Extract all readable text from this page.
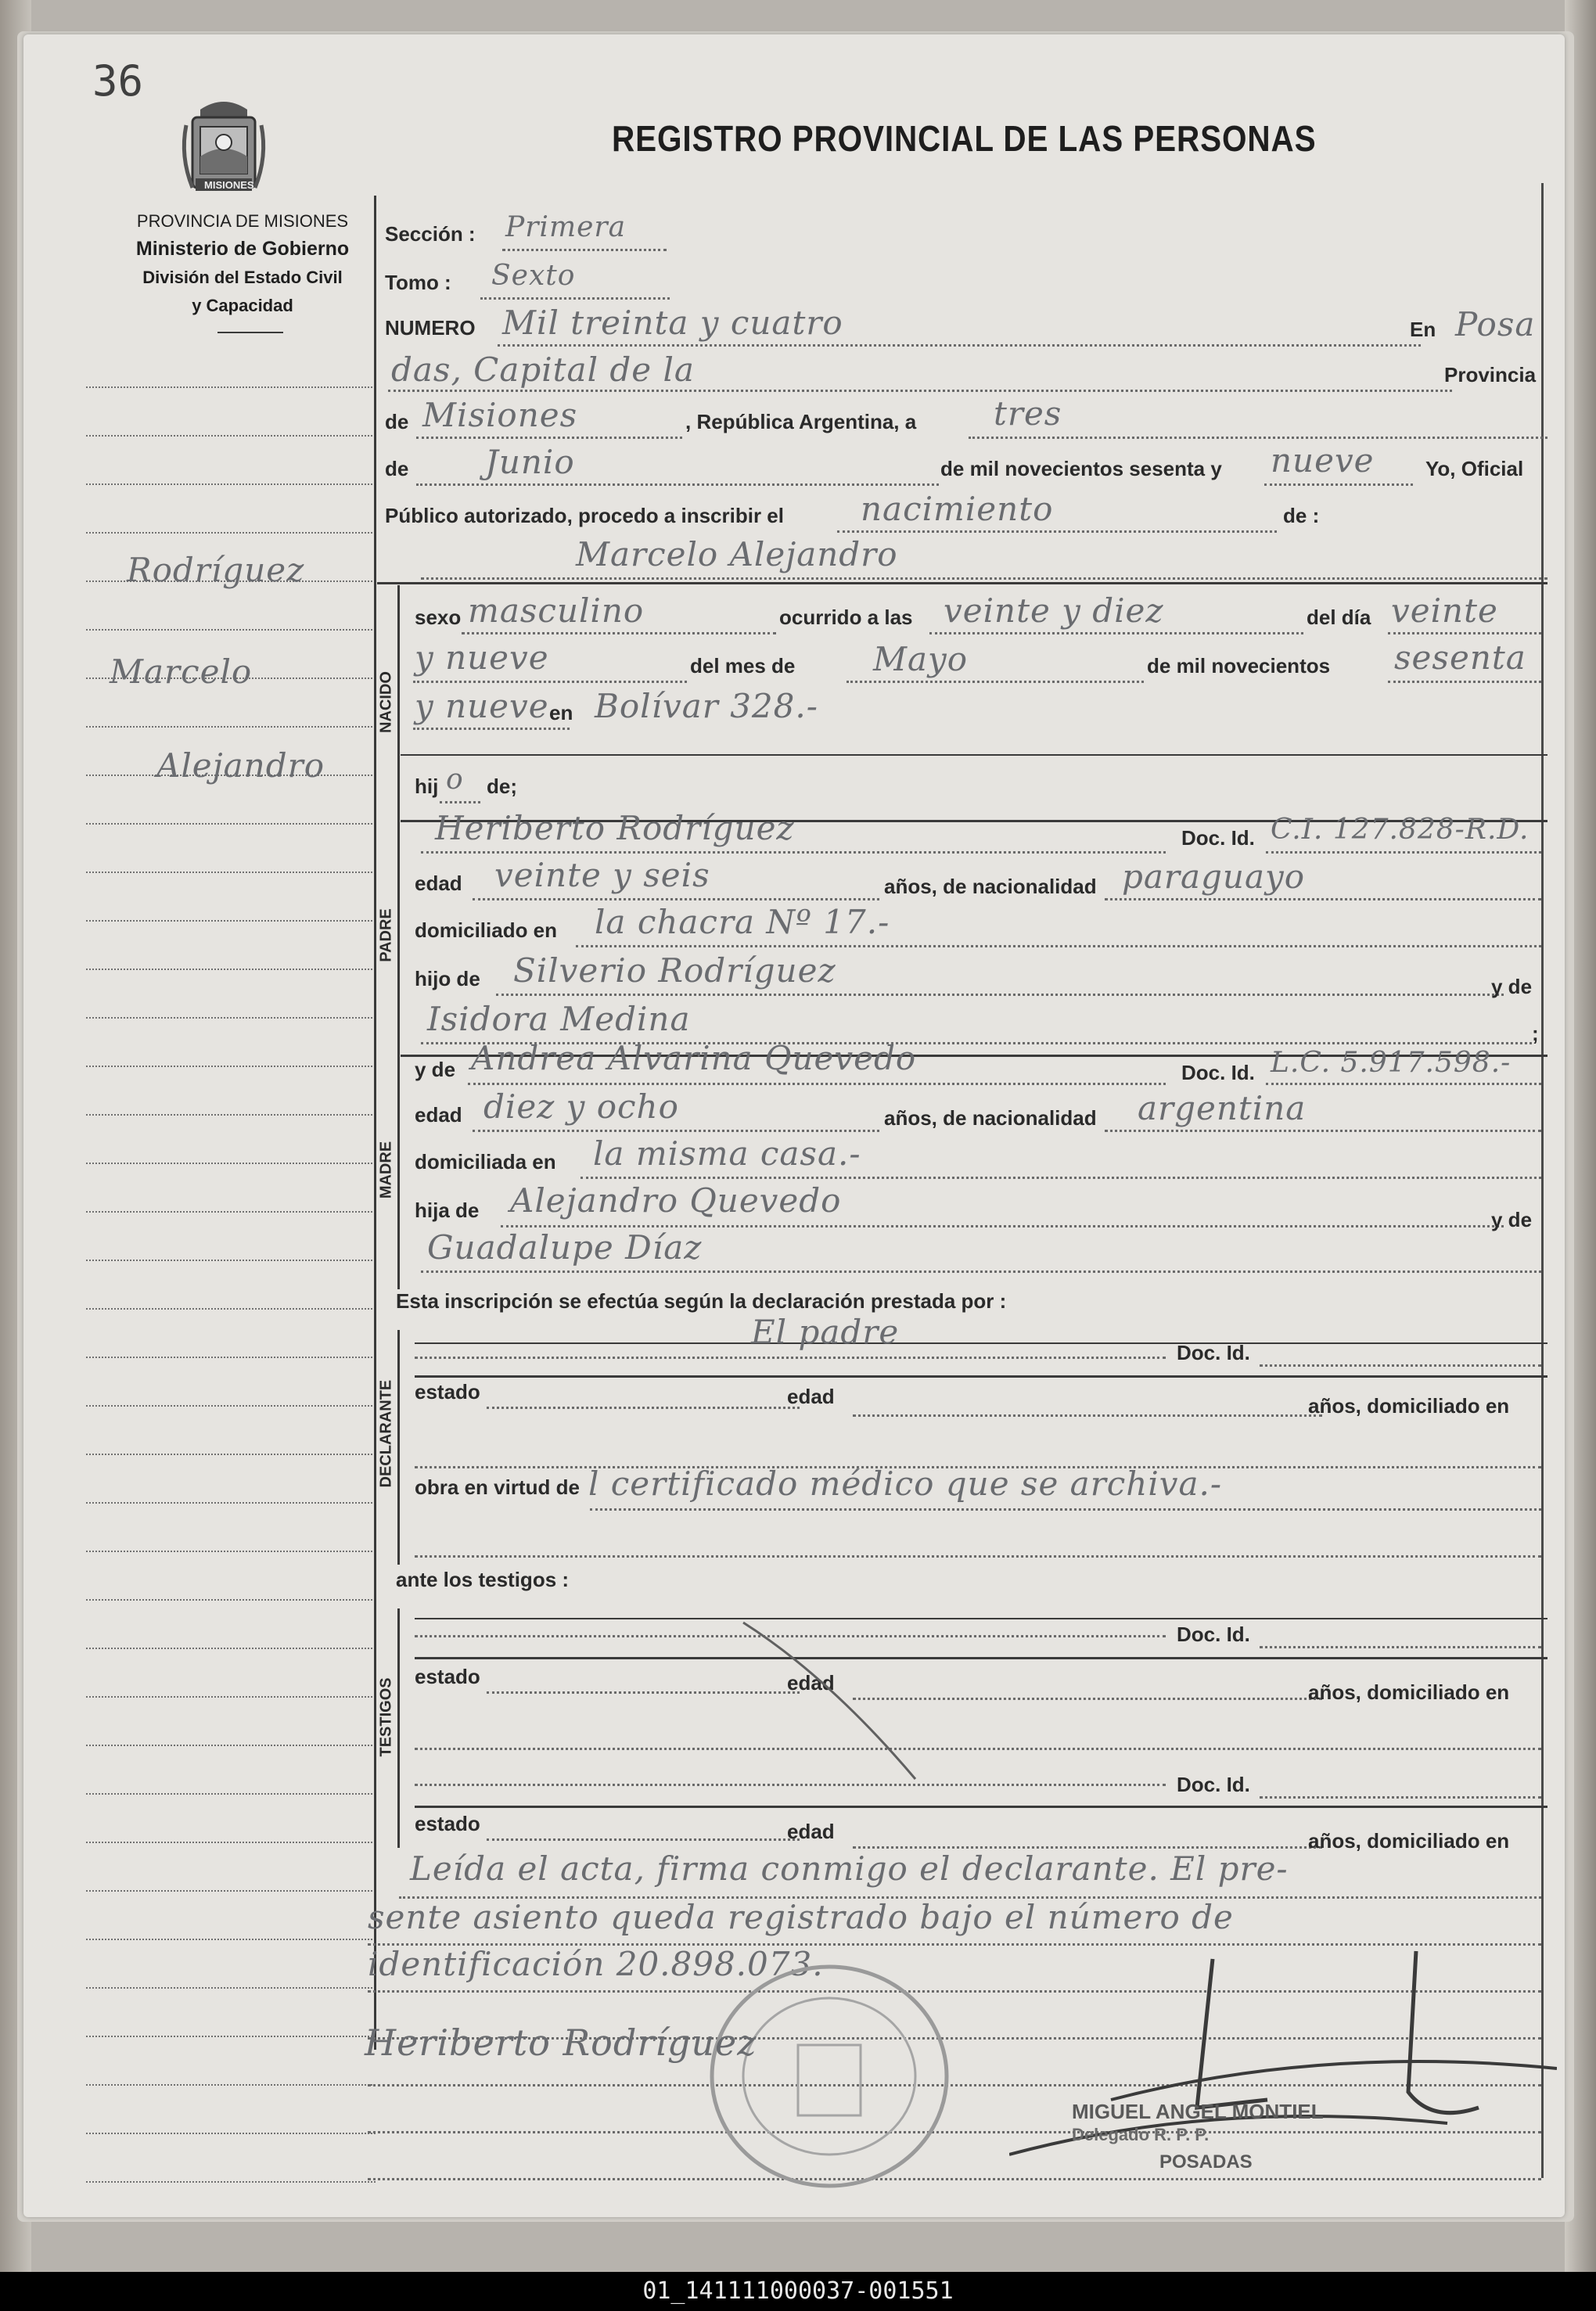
36
MISIONES
PROVINCIA DE MISIONES
Ministerio de Gobierno
División del Estado Civil
y Capacidad
REGISTRO PROVINCIAL DE LAS PERSONAS
Rodríguez
Marcelo
Alejandro
Sección : Primera
Tomo : Sexto
NUMERO Mil treinta y cuatro	En Posa
das, Capital de la	Provincia
de Misiones	, República Argentina, a tres
de Junio	de mil novecientos sesenta y nueve	Yo, Oficial
Público autorizado, procedo a inscribir el nacimiento	de :
Marcelo Alejandro
NACIDO
sexo masculino	ocurrido a las veinte y diez	del día veinte
y nueve	del mes de Mayo	de mil novecientos sesenta
y nueve en Bolívar 328.-
hij o de;
PADRE
Heriberto Rodríguez	Doc. Id. C.I. 127.828-R.D.
edad veinte y seis	años, de nacionalidad paraguayo
domiciliado en la chacra Nº 17.-
hijo de Silverio Rodríguez	y de
Isidora Medina	;
MADRE
y de Andrea Alvarina Quevedo	Doc. Id. L.C. 5.917.598.-
edad diez y ocho	años, de nacionalidad argentina
domiciliada en la misma casa.-
hija de Alejandro Quevedo	y de
Guadalupe Díaz
Esta inscripción se efectúa según la declaración prestada por :
DECLARANTE
El padre
Doc. Id.
estado	edad	años, domiciliado en
obra en virtud de l certificado médico que se archiva.-
ante los testigos :
TESTIGOS
Doc. Id.
estado	edad	años, domiciliado en
Doc. Id.
estado	edad	años, domiciliado en
Leída el acta, firma conmigo el declarante. El pre-
sente asiento queda registrado bajo el número de
identificación 20.898.073.
Heriberto Rodríguez
MIGUEL ANGEL MONTIEL
Delegado R. P. P.
POSADAS
01_141111000037-001551
